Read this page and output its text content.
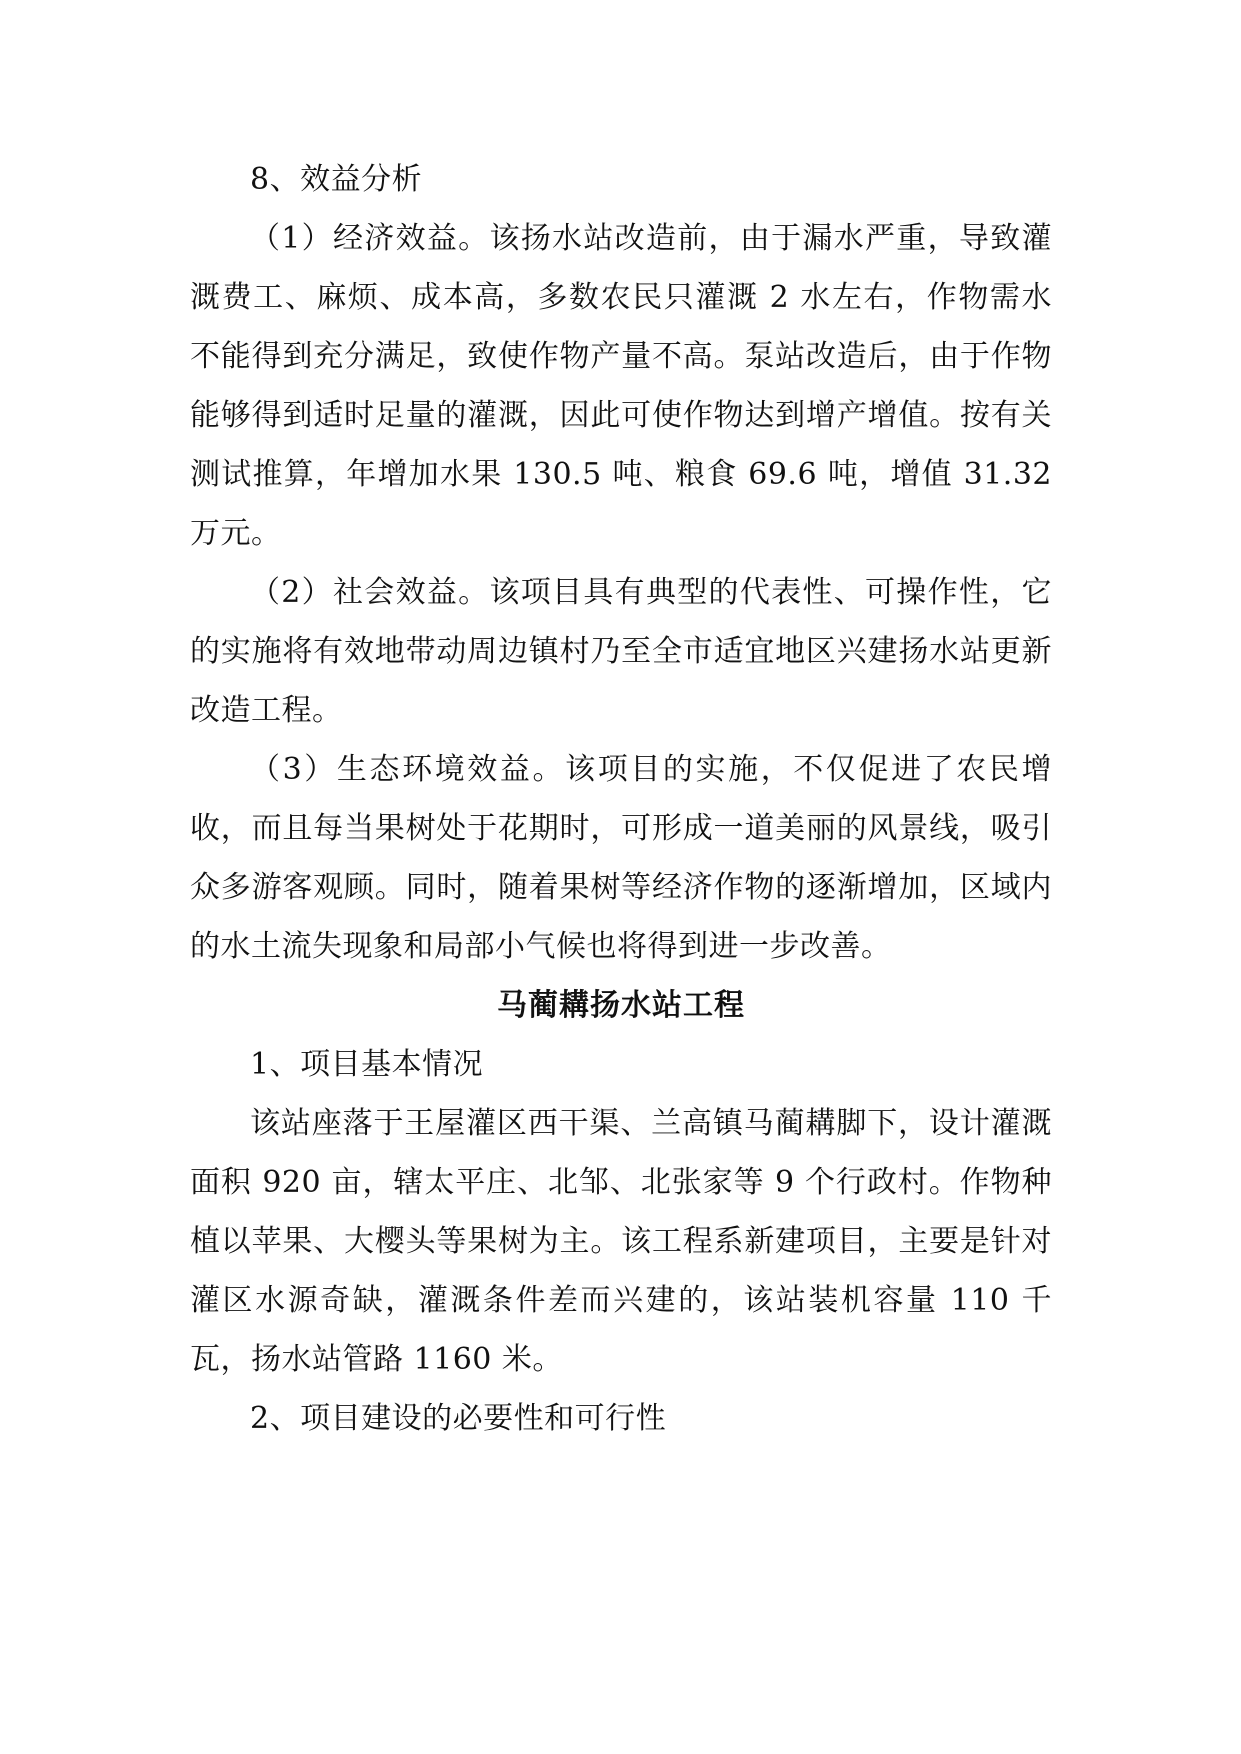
8、效益分析

（1）经济效益。该扬水站改造前，由于漏水严重，导致灌溉费工、麻烦、成本高，多数农民只灌溉 2 水左右，作物需水不能得到充分满足，致使作物产量不高。泵站改造后，由于作物能够得到适时足量的灌溉，因此可使作物达到增产增值。按有关测试推算，年增加水果 130.5 吨、粮食 69.6 吨，增值 31.32 万元。

（2）社会效益。该项目具有典型的代表性、可操作性，它的实施将有效地带动周边镇村乃至全市适宜地区兴建扬水站更新改造工程。

（3）生态环境效益。该项目的实施，不仅促进了农民增收，而且每当果树处于花期时，可形成一道美丽的风景线，吸引众多游客观顾。同时，随着果树等经济作物的逐渐增加，区域内的水土流失现象和局部小气候也将得到进一步改善。

马蔺耩扬水站工程

1、项目基本情况

该站座落于王屋灌区西干渠、兰高镇马蔺耩脚下，设计灌溉面积 920 亩，辖太平庄、北邹、北张家等 9 个行政村。作物种植以苹果、大樱头等果树为主。该工程系新建项目，主要是针对灌区水源奇缺，灌溉条件差而兴建的，该站装机容量 110 千瓦，扬水站管路 1160 米。

2、项目建设的必要性和可行性
